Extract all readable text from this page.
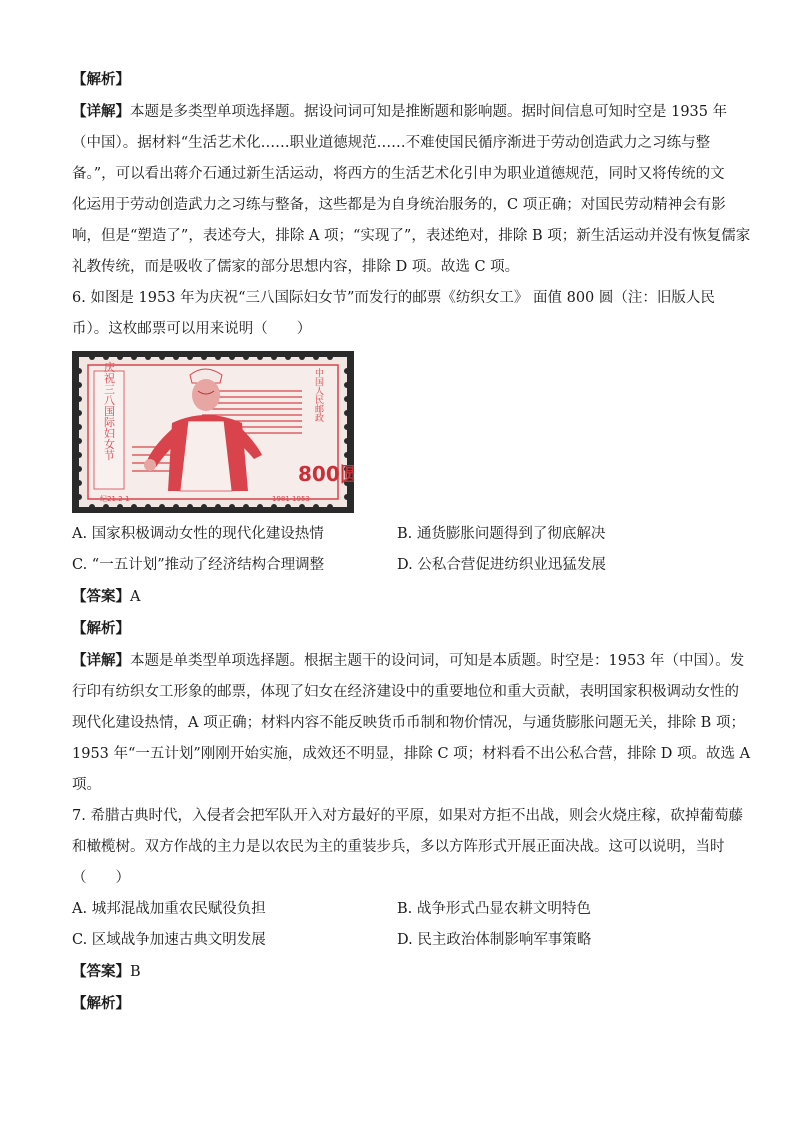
【解析】

【详解】本题是多类型单项选择题。据设问词可知是推断题和影响题。据时间信息可知时空是 1935 年

（中国）。据材料“生活艺术化……职业道德规范……不难使国民循序渐进于劳动创造武力之习练与整

备。”，可以看出蒋介石通过新生活运动，将西方的生活艺术化引申为职业道德规范，同时又将传统的文

化运用于劳动创造武力之习练与整备，这些都是为自身统治服务的，C 项正确；对国民劳动精神会有影

响，但是“塑造了”，表述夸大，排除 A 项；“实现了”，表述绝对，排除 B 项；新生活运动并没有恢复儒家

礼教传统，而是吸收了儒家的部分思想内容，排除 D 项。故选 C 项。

6. 如图是 1953 年为庆祝“三八国际妇女节”而发行的邮票《纺织女工》 面值 800 圆（注：旧版人民

币）。这枚邮票可以用来说明（　　）

庆祝三八国际妇女节	中国人民邮政
800圆
纪21.2-1	1981 1953
A. 国家积极调动女性的现代化建设热情	B. 通货膨胀问题得到了彻底解决
C. “一五计划”推动了经济结构合理调整	D. 公私合营促进纺织业迅猛发展

【答案】A

【解析】

【详解】本题是单类型单项选择题。根据主题干的设问词，可知是本质题。时空是：1953 年（中国）。发

行印有纺织女工形象的邮票，体现了妇女在经济建设中的重要地位和重大贡献，表明国家积极调动女性的

现代化建设热情，A 项正确；材料内容不能反映货币币制和物价情况，与通货膨胀问题无关，排除 B 项；

1953 年“一五计划”刚刚开始实施，成效还不明显，排除 C 项；材料看不出公私合营，排除 D 项。故选 A

项。

7. 希腊古典时代，入侵者会把军队开入对方最好的平原，如果对方拒不出战，则会火烧庄稼，砍掉葡萄藤

和橄榄树。双方作战的主力是以农民为主的重装步兵，多以方阵形式开展正面决战。这可以说明，当时

（　　）

A. 城邦混战加重农民赋役负担	B. 战争形式凸显农耕文明特色
C. 区域战争加速古典文明发展	D. 民主政治体制影响军事策略

【答案】B

【解析】
